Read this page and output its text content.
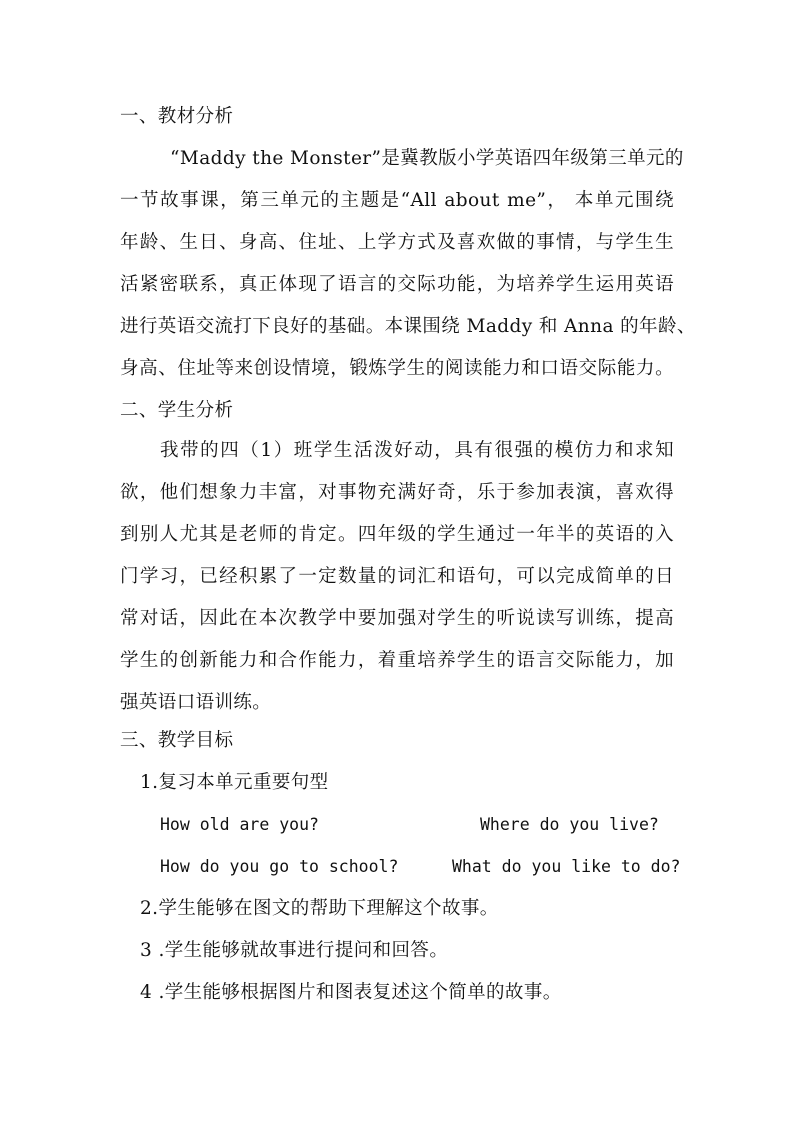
一、教材分析
“Maddy the Monster”是冀教版小学英语四年级第三单元的
一节故事课，第三单元的主题是“All about me”， 本单元围绕
年龄、生日、身高、住址、上学方式及喜欢做的事情，与学生生
活紧密联系，真正体现了语言的交际功能，为培养学生运用英语
进行英语交流打下良好的基础。本课围绕 Maddy 和 Anna 的年龄、
身高、住址等来创设情境，锻炼学生的阅读能力和口语交际能力。
二、学生分析
我带的四（1）班学生活泼好动，具有很强的模仿力和求知
欲，他们想象力丰富，对事物充满好奇，乐于参加表演，喜欢得
到别人尤其是老师的肯定。四年级的学生通过一年半的英语的入
门学习，已经积累了一定数量的词汇和语句，可以完成简单的日
常对话，因此在本次教学中要加强对学生的听说读写训练，提高
学生的创新能力和合作能力，着重培养学生的语言交际能力，加
强英语口语训练。
三、教学目标
1.复习本单元重要句型
How old are you?	Where do you live?
How do you go to school?	What do you like to do?
2.学生能够在图文的帮助下理解这个故事。
3 .学生能够就故事进行提问和回答。
4 .学生能够根据图片和图表复述这个简单的故事。
